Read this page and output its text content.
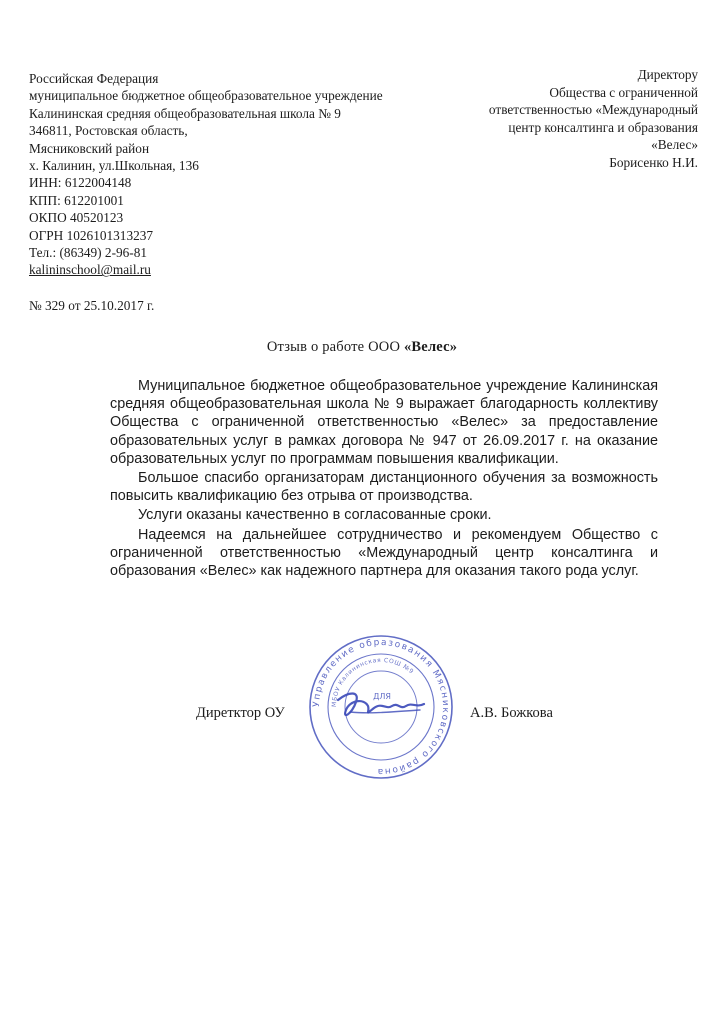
Российская Федерация
муниципальное бюджетное общеобразовательное учреждение
Калининская средняя общеобразовательная школа № 9
346811, Ростовская область,
Мясниковский район
х. Калинин, ул.Школьная, 136
ИНН: 6122004148
КПП: 612201001
ОКПО 40520123
ОГРН 1026101313237
Тел.: (86349) 2-96-81
kalininschool@mail.ru
№ 329 от 25.10.2017 г.
Директору
Общества с ограниченной
ответственностью «Международный
центр консалтинга и образования
«Велес»
Борисенко Н.И.
Отзыв о работе ООО «Велес»

Муниципальное бюджетное общеобразовательное учреждение Калининская средняя общеобразовательная школа № 9 выражает благодарность коллективу Общества с ограниченной ответственностью «Велес» за предоставление образовательных услуг в рамках договора № 947 от 26.09.2017 г. на оказание образовательных услуг по программам повышения квалификации.

Большое спасибо организаторам дистанционного обучения за возможность повысить квалификацию без отрыва от производства.

Услуги оказаны качественно в согласованные сроки.

Надеемся на дальнейшее сотрудничество и рекомендуем Общество с ограниченной ответственностью «Международный центр консалтинга и образования «Велес» как надежного партнера для оказания такого рода услуг.

Диретктор ОУ	А.В. Божкова
Управление образования Мясниковского района
МБОУ Калининская СОШ №9
ДЛЯ
